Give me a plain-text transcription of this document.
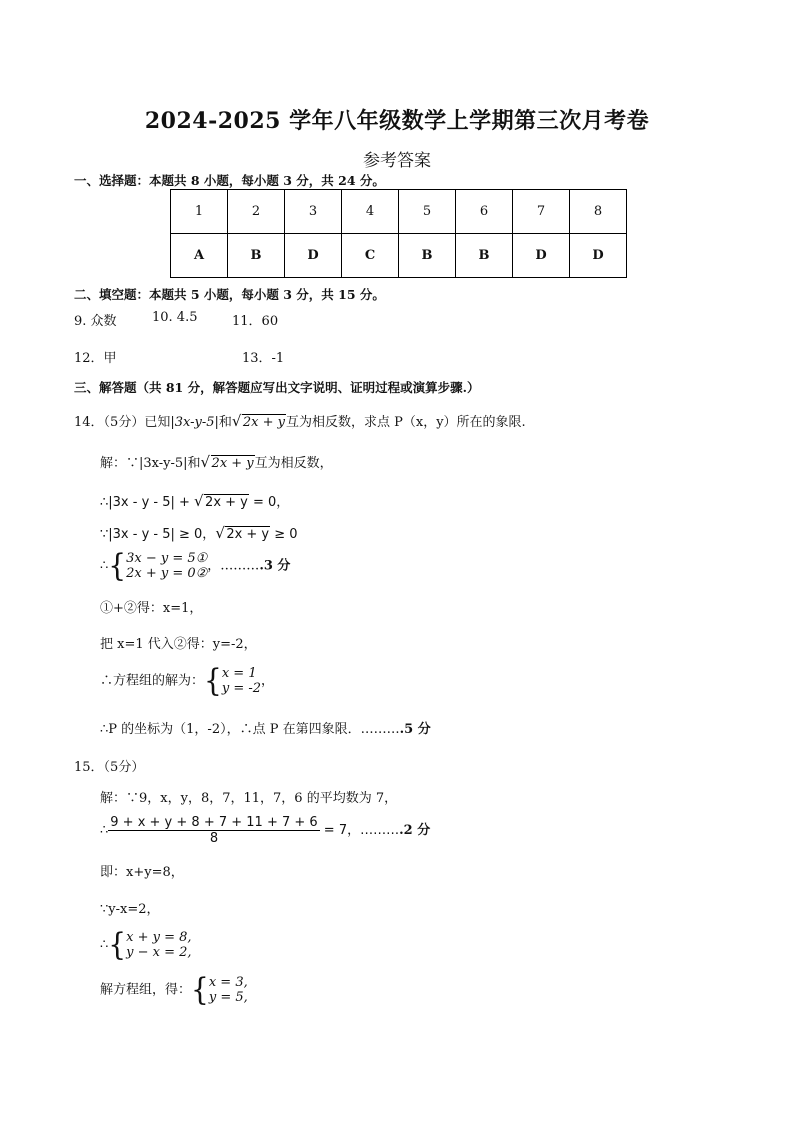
2024-2025 学年八年级数学上学期第三次月考卷
参考答案
一、选择题：本题共 8 小题，每小题 3 分，共 24 分。
1	2	3	4	5	6	7	8
A	B	D	C	B	B	D	D
二、填空题：本题共 5 小题，每小题 3 分，共 15 分。
9. 众数	10. 4.5	11．60
12．甲	13．-1
三、解答题（共 81 分，解答题应写出文字说明、证明过程或演算步骤.）
14．（5分）已知|3x-y-5|和 √ 2x + y互为相反数，求点 P（x，y）所在的象限.
解：∵|3x-y-5|和 √ 2x + y互为相反数，
∴|3x - y - 5| + √ 2x + y = 0，
∵|3x - y - 5| ≥ 0， √ 2x + y ≥ 0
∴{3x − y = 5①
2x + y = 0②，……….3 分
①+②得：x=1，
把 x=1 代入②得：y=-2，
∴方程组的解为：{x = 1
y = -2，
∴P 的坐标为（1，-2），∴点 P 在第四象限．……….5 分
15．（5分）
解：∵9，x，y，8，7，11，7，6 的平均数为 7，
∴ $\frac{9 + x + y + 8 + 7 + 11 + 7 + 6}{8} = 7$，……….2 分
即：x+y=8，
∵y-x=2，
∴{x + y = 8,
y − x = 2,
解方程组，得：{x = 3,
y = 5,
